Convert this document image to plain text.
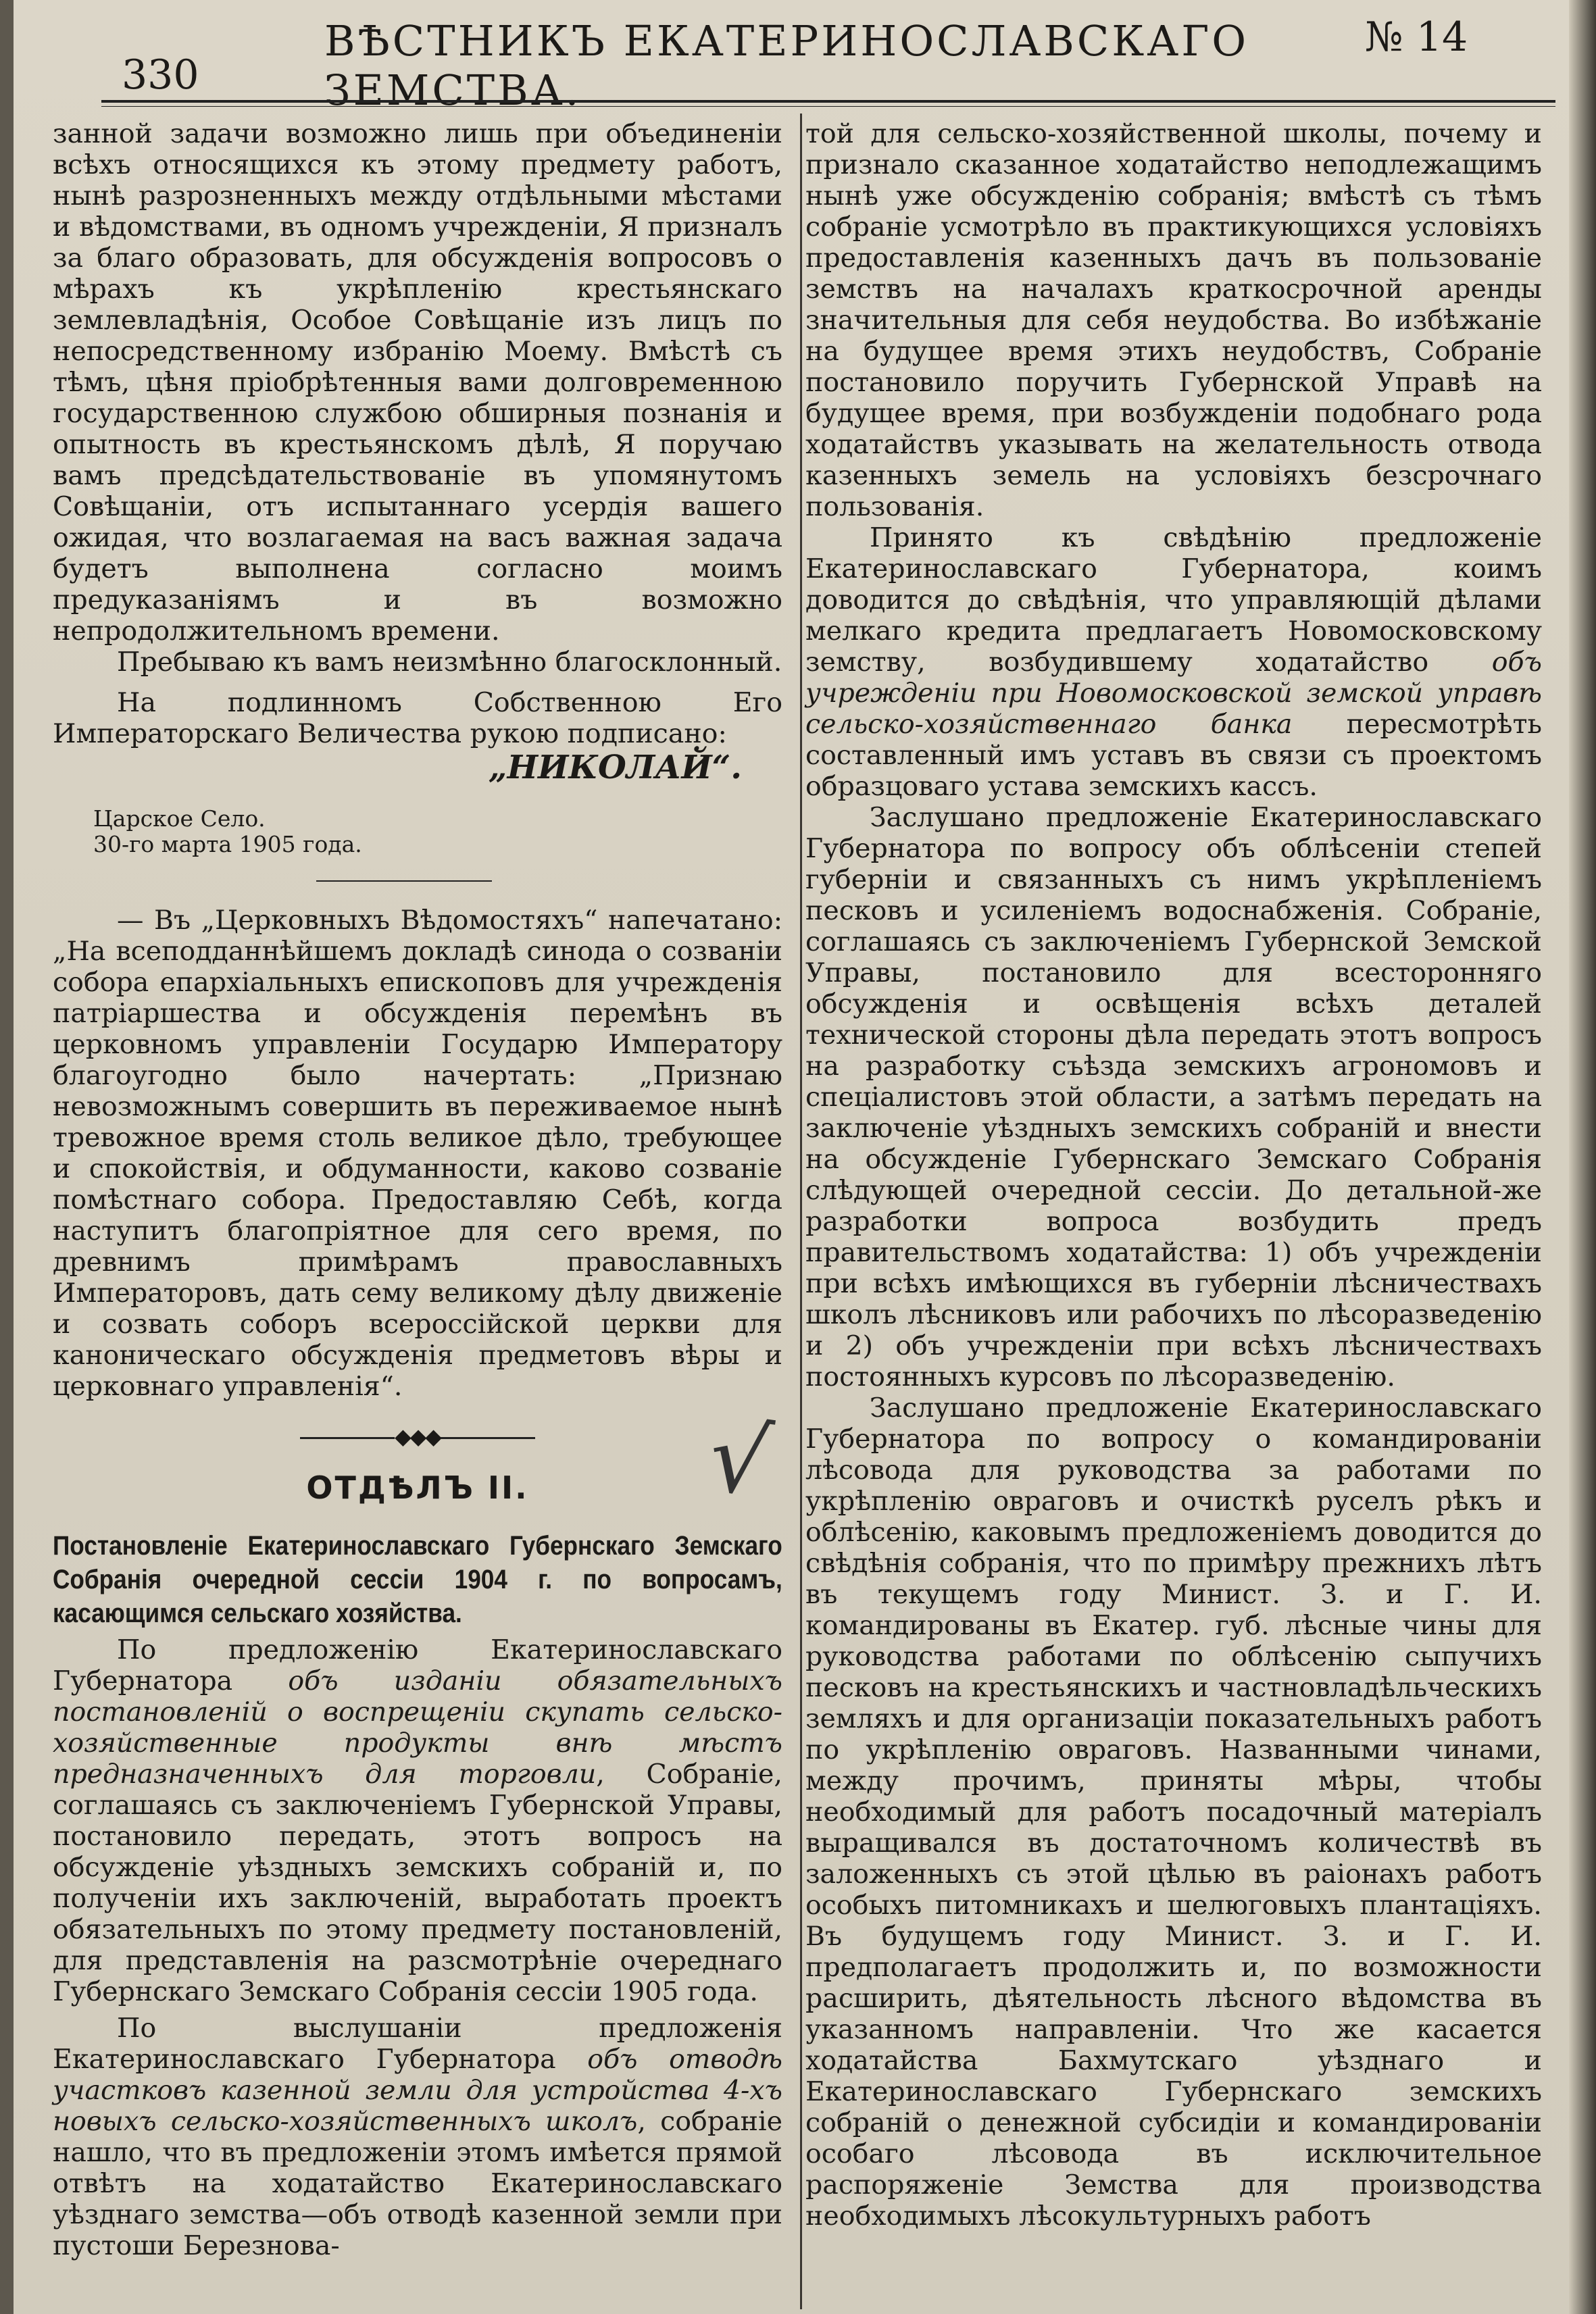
330
ВѢСТНИКЪ ЕКАТЕРИНОСЛАВСКАГО ЗЕМСТВА.
№ 14

занной задачи возможно лишь при объединенiи всѣхъ относящихся къ этому предмету работъ, нынѣ разрозненныхъ между отдѣльными мѣстами и вѣдомствами, въ одномъ учрежденiи, Я призналъ за благо образовать, для обсужденiя вопросовъ о мѣрахъ къ укрѣпленiю крестьянскаго землевладѣнiя, Особое Совѣщанiе изъ лицъ по непосредственному избранiю Моему. Вмѣстѣ съ тѣмъ, цѣня прiобрѣтенныя вами долговременною государственною службою обширныя познанiя и опытность въ крестьянскомъ дѣлѣ, Я поручаю вамъ предсѣдательствованiе въ упомянутомъ Совѣщанiи, отъ испытаннаго усердiя вашего ожидая, что возлагаемая на васъ важная задача будетъ выполнена согласно моимъ предуказанiямъ и въ возможно непродолжительномъ времени.

Пребываю къ вамъ неизмѣнно благосклонный.

На подлинномъ Собственною Его Императорскаго Величества рукою подписано:

„НИКОЛАЙ“.
Царское Село.
30-го марта 1905 года.

— Въ „Церковныхъ Вѣдомостяхъ“ напечатано: „На всеподданнѣйшемъ докладѣ синода о созванiи собора епархiальныхъ епископовъ для учрежденiя патрiаршества и обсужденiя перемѣнъ въ церковномъ управленiи Государю Императору благоугодно было начертать: „Признаю невозможнымъ совершить въ переживаемое нынѣ тревожное время столь великое дѣло, требующее и спокойствiя, и обдуманности, каково созванiе помѣстнаго собора. Предоставляю Себѣ, когда наступитъ благопрiятное для сего время, по древнимъ примѣрамъ православныхъ Императоровъ, дать сему великому дѣлу движенiе и созвать соборъ всероссiйской церкви для каноническаго обсужденiя предметовъ вѣры и церковнаго управленiя“.

◆◆◆
ОТДѢЛЪ II.
Постановленiе Екатеринославскаго Губернскаго Земскаго Собранiя очередной сессiи 1904 г. по вопросамъ, касающимся сельскаго хозяйства.

По предложенiю Екатеринославскаго Губернатора объ изданiи обязательныхъ постановленiй о воспрещенiи скупать сельско-хозяйственные продукты внѣ мѣстъ предназначенныхъ для торговли, Собранiе, соглашаясь съ заключенiемъ Губернской Управы, постановило передать, этотъ вопросъ на обсужденiе уѣздныхъ земскихъ собранiй и, по полученiи ихъ заключенiй, выработать проектъ обязательныхъ по этому предмету постановленiй, для представленiя на разсмотрѣнiе очереднаго Губернскаго Земскаго Собранiя сессiи 1905 года.

По выслушанiи предложенiя Екатеринославскаго Губернатора объ отводѣ участковъ казенной земли для устройства 4-хъ новыхъ сельско-хозяйственныхъ школъ, собранiе нашло, что въ предложенiи этомъ имѣется прямой отвѣтъ на ходатайство Екатеринославскаго уѣзднаго земства—объ отводѣ казенной земли при пустоши Березнова-

√

той для сельско-хозяйственной школы, почему и признало сказанное ходатайство неподлежащимъ нынѣ уже обсужденiю собранiя; вмѣстѣ съ тѣмъ собранiе усмотрѣло въ практикующихся условiяхъ предоставленiя казенныхъ дачъ въ пользованiе земствъ на началахъ краткосрочной аренды значительныя для себя неудобства. Во избѣжанiе на будущее время этихъ неудобствъ, Собранiе постановило поручить Губернской Управѣ на будущее время, при возбужденiи подобнаго рода ходатайствъ указывать на желательность отвода казенныхъ земель на условiяхъ безсрочнаго пользованiя.

Принято къ свѣдѣнiю предложенiе Екатеринославскаго Губернатора, коимъ доводится до свѣдѣнiя, что управляющiй дѣлами мелкаго кредита предлагаетъ Новомосковскому земству, возбудившему ходатайство объ учрежденiи при Новомосковской земской управѣ сельско-хозяйственнаго банка пересмотрѣть составленный имъ уставъ въ связи съ проектомъ образцоваго устава земскихъ кассъ.

Заслушано предложенiе Екатеринославскаго Губернатора по вопросу объ облѣсенiи степей губернiи и связанныхъ съ нимъ укрѣпленiемъ песковъ и усиленiемъ водоснабженiя. Собранiе, соглашаясь съ заключенiемъ Губернской Земской Управы, постановило для всесторонняго обсужденiя и освѣщенiя всѣхъ деталей технической стороны дѣла передать этотъ вопросъ на разработку съѣзда земскихъ агрономовъ и спецiалистовъ этой области, а затѣмъ передать на заключенiе уѣздныхъ земскихъ собранiй и внести на обсужденiе Губернскаго Земскаго Собранiя слѣдующей очередной сессiи. До детальной-же разработки вопроса возбудить предъ правительствомъ ходатайства: 1) объ учрежденiи при всѣхъ имѣющихся въ губернiи лѣсничествахъ школъ лѣсниковъ или рабочихъ по лѣсоразведенiю и 2) объ учрежденiи при всѣхъ лѣсничествахъ постоянныхъ курсовъ по лѣсоразведенiю.

Заслушано предложенiе Екатеринославскаго Губернатора по вопросу о командированiи лѣсовода для руководства за работами по укрѣпленiю овраговъ и очисткѣ руселъ рѣкъ и облѣсенiю, каковымъ предложенiемъ доводится до свѣдѣнiя собранiя, что по примѣру прежнихъ лѣтъ въ текущемъ году Минист. З. и Г. И. командированы въ Екатер. губ. лѣсные чины для руководства работами по облѣсенiю сыпучихъ песковъ на крестьянскихъ и частновладѣльческихъ земляхъ и для организацiи показательныхъ работъ по укрѣпленiю овраговъ. Названными чинами, между прочимъ, приняты мѣры, чтобы необходимый для работъ посадочный матерiалъ выращивался въ достаточномъ количествѣ въ заложенныхъ съ этой цѣлью въ раiонахъ работъ особыхъ питомникахъ и шелюговыхъ плантацiяхъ. Въ будущемъ году Минист. З. и Г. И. предполагаетъ продолжить и, по возможности расширить, дѣятельность лѣсного вѣдомства въ указанномъ направленiи. Что же касается ходатайства Бахмутскаго уѣзднаго и Екатеринославскаго Губернскаго земскихъ собранiй о денежной субсидiи и командированiи особаго лѣсовода въ исключительное распоряженiе Земства для производства необходимыхъ лѣсокультурныхъ работъ
